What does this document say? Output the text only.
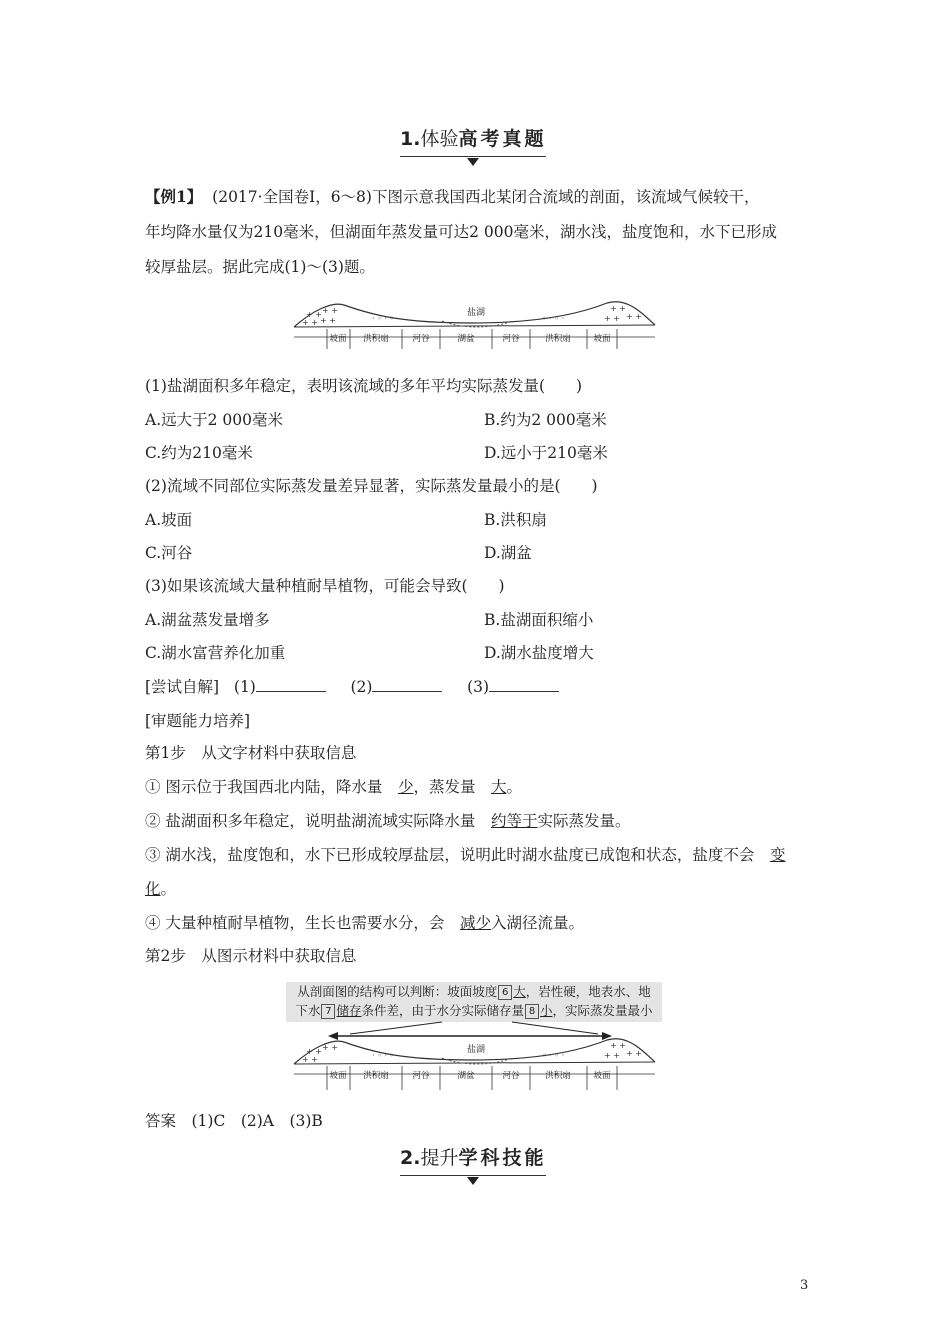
1.体验高考真题
【例1】 (2017·全国卷Ⅰ，6～8)下图示意我国西北某闭合流域的剖面，该流域气候较干，
年均降水量仅为210毫米，但湖面年蒸发量可达2 000毫米，湖水浅，盐度饱和，水下已形成
较厚盐层。据此完成(1)～(3)题。
+ + + +
+ + + +
+ +
+ +
+ +
· ◦ · ◦	◦ · ◦ ·
盐湖
坡面 洪积扇	河谷	湖盆	河谷	洪积扇	坡面
(1)盐湖面积多年稳定，表明该流域的多年平均实际蒸发量(　　)
A.远大于2 000毫米	B.约为2 000毫米
C.约为210毫米	D.远小于210毫米
(2)流域不同部位实际蒸发量差异显著，实际蒸发量最小的是(　　)
A.坡面	B.洪积扇
C.河谷	D.湖盆
(3)如果该流域大量种植耐旱植物，可能会导致(　　)
A.湖盆蒸发量增多	B.盐湖面积缩小
C.湖水富营养化加重	D.湖水盐度增大
[尝试自解] (1)	(2)	(3)
[审题能力培养]
第1步　从文字材料中获取信息
① 图示位于我国西北内陆，降水量　少，蒸发量　大。
② 盐湖面积多年稳定，说明盐湖流域实际降水量　约等于实际蒸发量。
③ 湖水浅，盐度饱和，水下已形成较厚盐层，说明此时湖水盐度已成饱和状态，盐度不会　变
化。
④ 大量种植耐旱植物，生长也需要水分，会　减少入湖径流量。
第2步　从图示材料中获取信息
从剖面图的结构可以判断：坡面坡度 6 大，岩性硬，地表水、地
下水 7 储存条件差，由于水分实际储存量 8 小，实际蒸发量最小
+ + + +
+ +
+ +
+ +
+ +
· ◦ · ◦	◦ · ◦ ·
盐湖
坡面 洪积扇	河谷	湖盆	河谷	洪积扇	坡面
答案　(1)C　(2)A　(3)B
2.提升学科技能
3
